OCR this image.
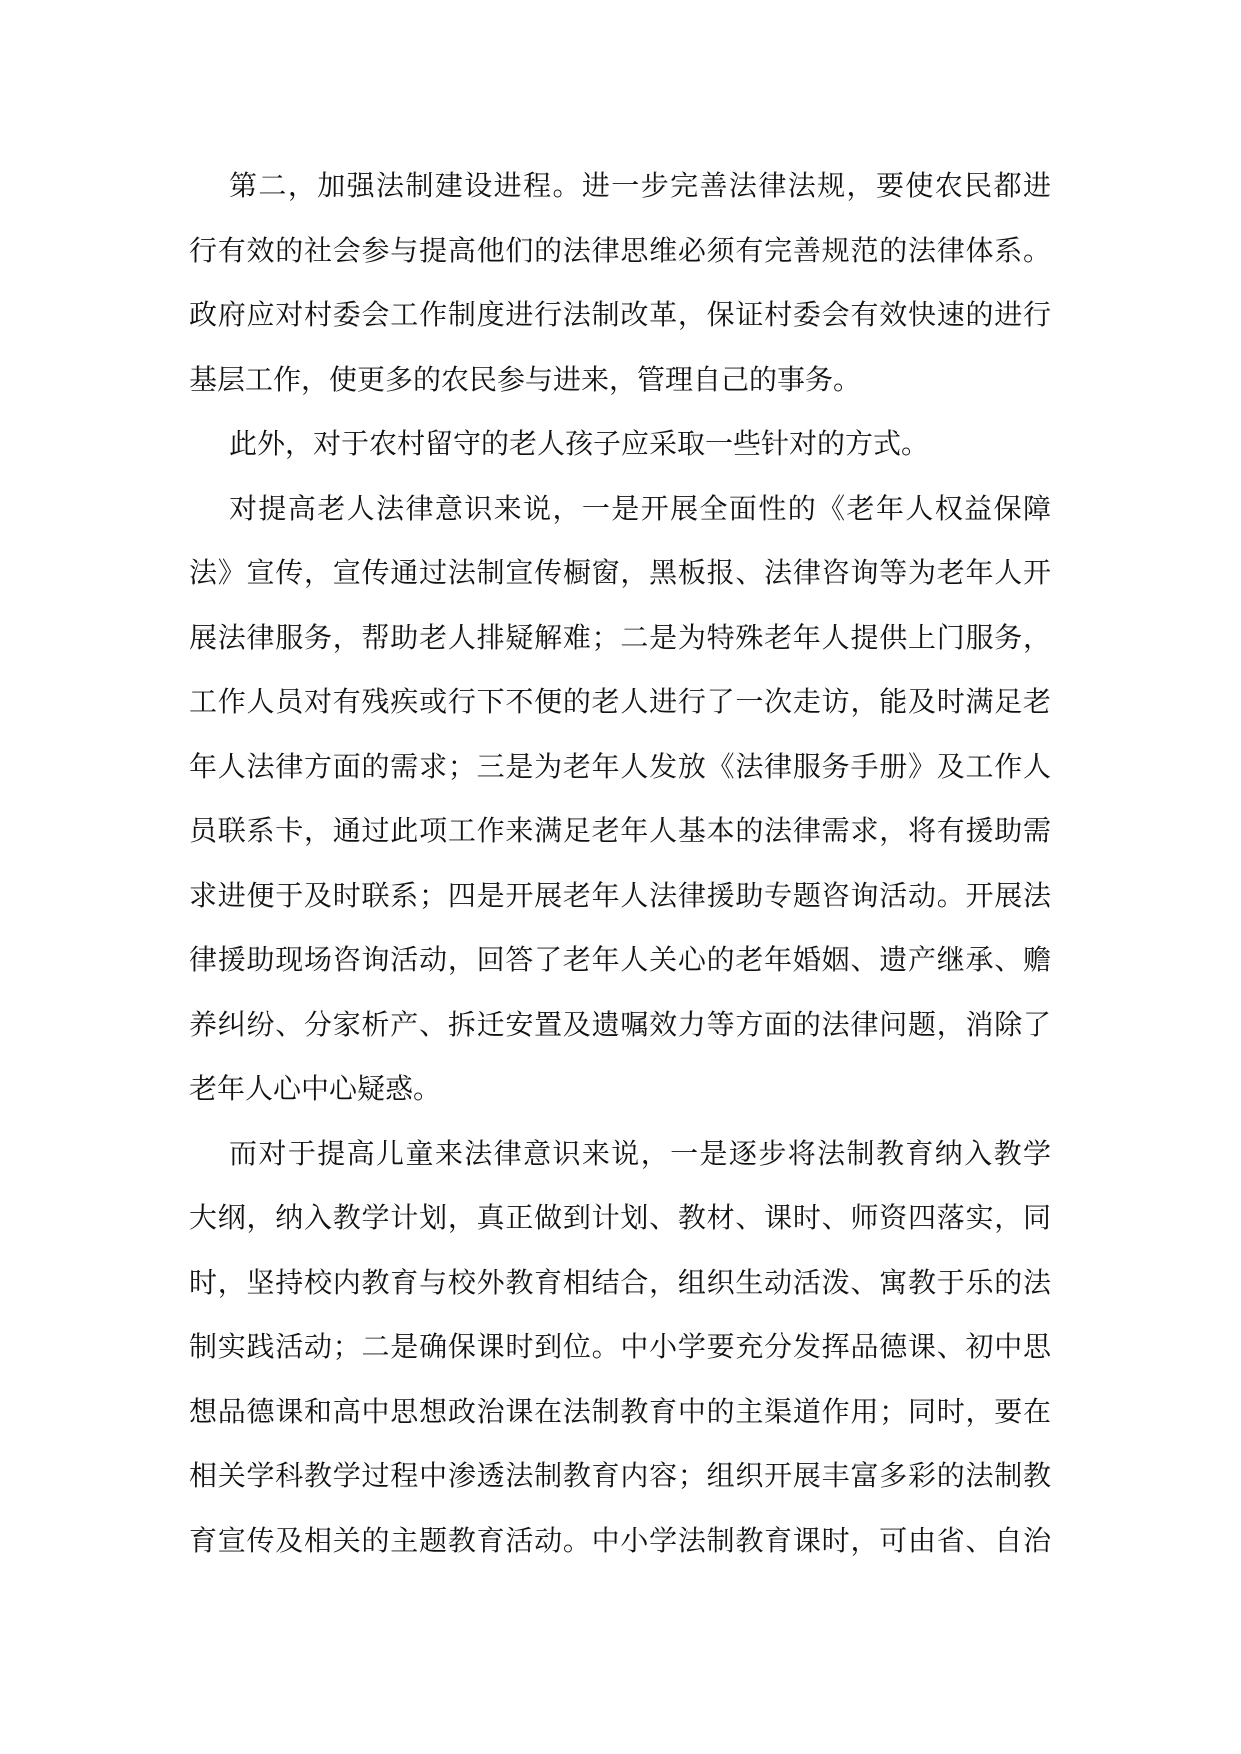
第二，加强法制建设进程。进一步完善法律法规，要使农民都进
行有效的社会参与提高他们的法律思维必须有完善规范的法律体系。
政府应对村委会工作制度进行法制改革，保证村委会有效快速的进行
基层工作，使更多的农民参与进来，管理自己的事务。
此外，对于农村留守的老人孩子应采取一些针对的方式。
对提高老人法律意识来说，一是开展全面性的《老年人权益保障
法》宣传，宣传通过法制宣传橱窗，黑板报、法律咨询等为老年人开
展法律服务，帮助老人排疑解难；二是为特殊老年人提供上门服务，
工作人员对有残疾或行下不便的老人进行了一次走访，能及时满足老
年人法律方面的需求；三是为老年人发放《法律服务手册》及工作人
员联系卡，通过此项工作来满足老年人基本的法律需求，将有援助需
求进便于及时联系；四是开展老年人法律援助专题咨询活动。开展法
律援助现场咨询活动，回答了老年人关心的老年婚姻、遗产继承、赡
养纠纷、分家析产、拆迁安置及遗嘱效力等方面的法律问题，消除了
老年人心中心疑惑。
而对于提高儿童来法律意识来说，一是逐步将法制教育纳入教学
大纲，纳入教学计划，真正做到计划、教材、课时、师资四落实，同
时，坚持校内教育与校外教育相结合，组织生动活泼、寓教于乐的法
制实践活动；二是确保课时到位。中小学要充分发挥品德课、初中思
想品德课和高中思想政治课在法制教育中的主渠道作用；同时，要在
相关学科教学过程中渗透法制教育内容；组织开展丰富多彩的法制教
育宣传及相关的主题教育活动。中小学法制教育课时，可由省、自治
